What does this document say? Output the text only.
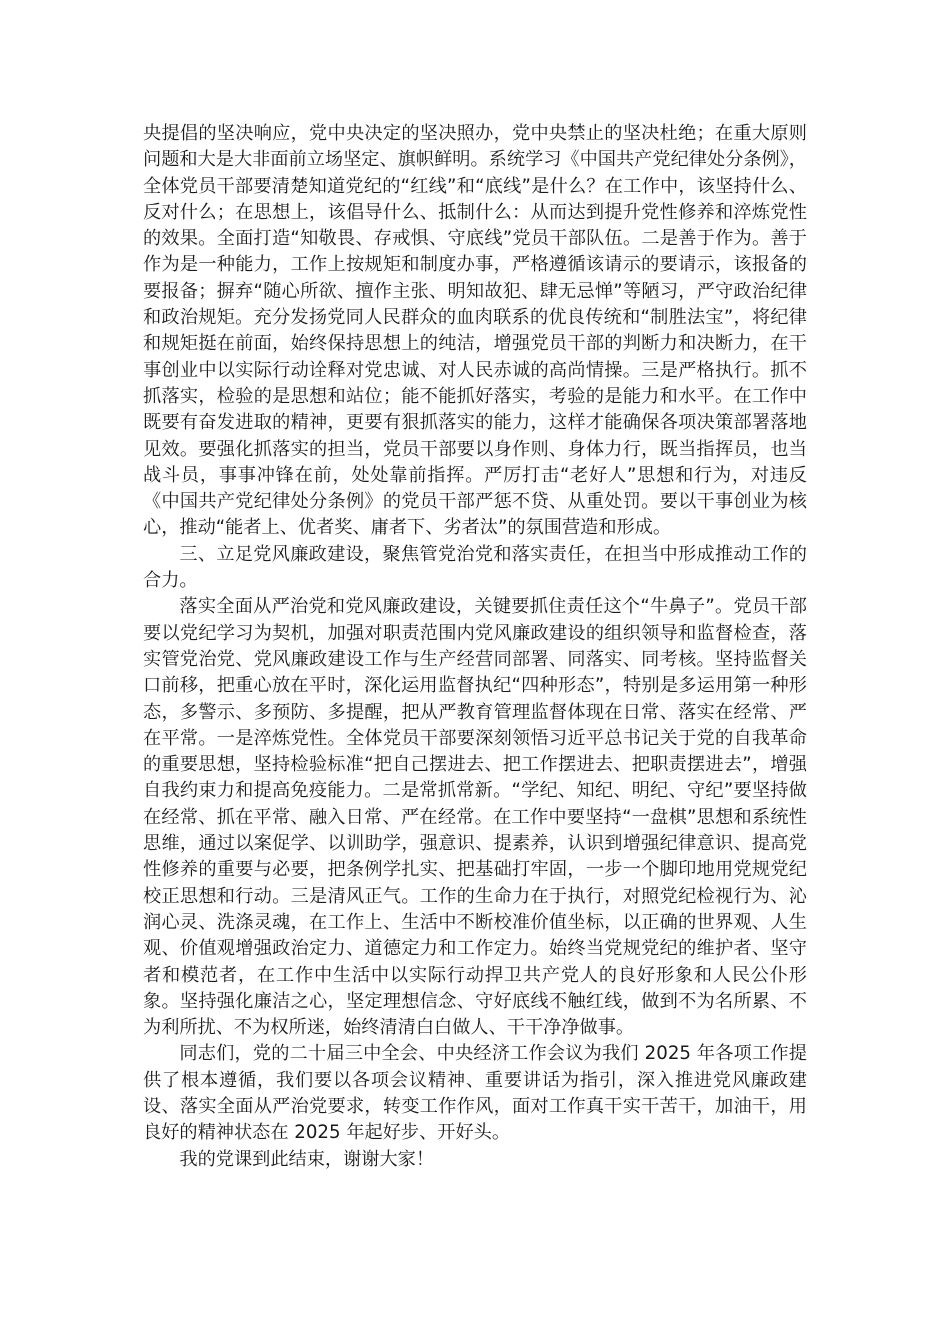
央提倡的坚决响应，党中央决定的坚决照办，党中央禁止的坚决杜绝；在重大原则问题和大是大非面前立场坚定、旗帜鲜明。系统学习《中国共产党纪律处分条例》，全体党员干部要清楚知道党纪的“红线”和“底线”是什么？在工作中，该坚持什么、反对什么；在思想上，该倡导什么、抵制什么：从而达到提升党性修养和淬炼党性的效果。全面打造“知敬畏、存戒惧、守底线”党员干部队伍。二是善于作为。善于作为是一种能力，工作上按规矩和制度办事，严格遵循该请示的要请示，该报备的要报备；摒弃“随心所欲、擅作主张、明知故犯、肆无忌惮”等陋习，严守政治纪律和政治规矩。充分发扬党同人民群众的血肉联系的优良传统和“制胜法宝”，将纪律和规矩挺在前面，始终保持思想上的纯洁，增强党员干部的判断力和决断力，在干事创业中以实际行动诠释对党忠诚、对人民赤诚的高尚情操。三是严格执行。抓不抓落实，检验的是思想和站位；能不能抓好落实，考验的是能力和水平。在工作中既要有奋发进取的精神，更要有狠抓落实的能力，这样才能确保各项决策部署落地见效。要强化抓落实的担当，党员干部要以身作则、身体力行，既当指挥员，也当战斗员，事事冲锋在前，处处靠前指挥。严厉打击“老好人”思想和行为，对违反《中国共产党纪律处分条例》的党员干部严惩不贷、从重处罚。要以干事创业为核心，推动“能者上、优者奖、庸者下、劣者汰”的氛围营造和形成。

三、立足党风廉政建设，聚焦管党治党和落实责任，在担当中形成推动工作的合力。

落实全面从严治党和党风廉政建设，关键要抓住责任这个“牛鼻子”。党员干部要以党纪学习为契机，加强对职责范围内党风廉政建设的组织领导和监督检查，落实管党治党、党风廉政建设工作与生产经营同部署、同落实、同考核。坚持监督关口前移，把重心放在平时，深化运用监督执纪“四种形态”，特别是多运用第一种形态，多警示、多预防、多提醒，把从严教育管理监督体现在日常、落实在经常、严在平常。一是淬炼党性。全体党员干部要深刻领悟习近平总书记关于党的自我革命的重要思想，坚持检验标准“把自己摆进去、把工作摆进去、把职责摆进去”，增强自我约束力和提高免疫能力。二是常抓常新。“学纪、知纪、明纪、守纪”要坚持做在经常、抓在平常、融入日常、严在经常。在工作中要坚持“一盘棋”思想和系统性思维，通过以案促学、以训助学，强意识、提素养，认识到增强纪律意识、提高党性修养的重要与必要，把条例学扎实、把基础打牢固，一步一个脚印地用党规党纪校正思想和行动。三是清风正气。工作的生命力在于执行，对照党纪检视行为、沁润心灵、洗涤灵魂，在工作上、生活中不断校准价值坐标，以正确的世界观、人生观、价值观增强政治定力、道德定力和工作定力。始终当党规党纪的维护者、坚守者和模范者，在工作中生活中以实际行动捍卫共产党人的良好形象和人民公仆形象。坚持强化廉洁之心，坚定理想信念、守好底线不触红线，做到不为名所累、不为利所扰、不为权所迷，始终清清白白做人、干干净净做事。

同志们，党的二十届三中全会、中央经济工作会议为我们 2025 年各项工作提供了根本遵循，我们要以各项会议精神、重要讲话为指引，深入推进党风廉政建设、落实全面从严治党要求，转变工作作风，面对工作真干实干苦干，加油干，用良好的精神状态在 2025 年起好步、开好头。

我的党课到此结束，谢谢大家！
